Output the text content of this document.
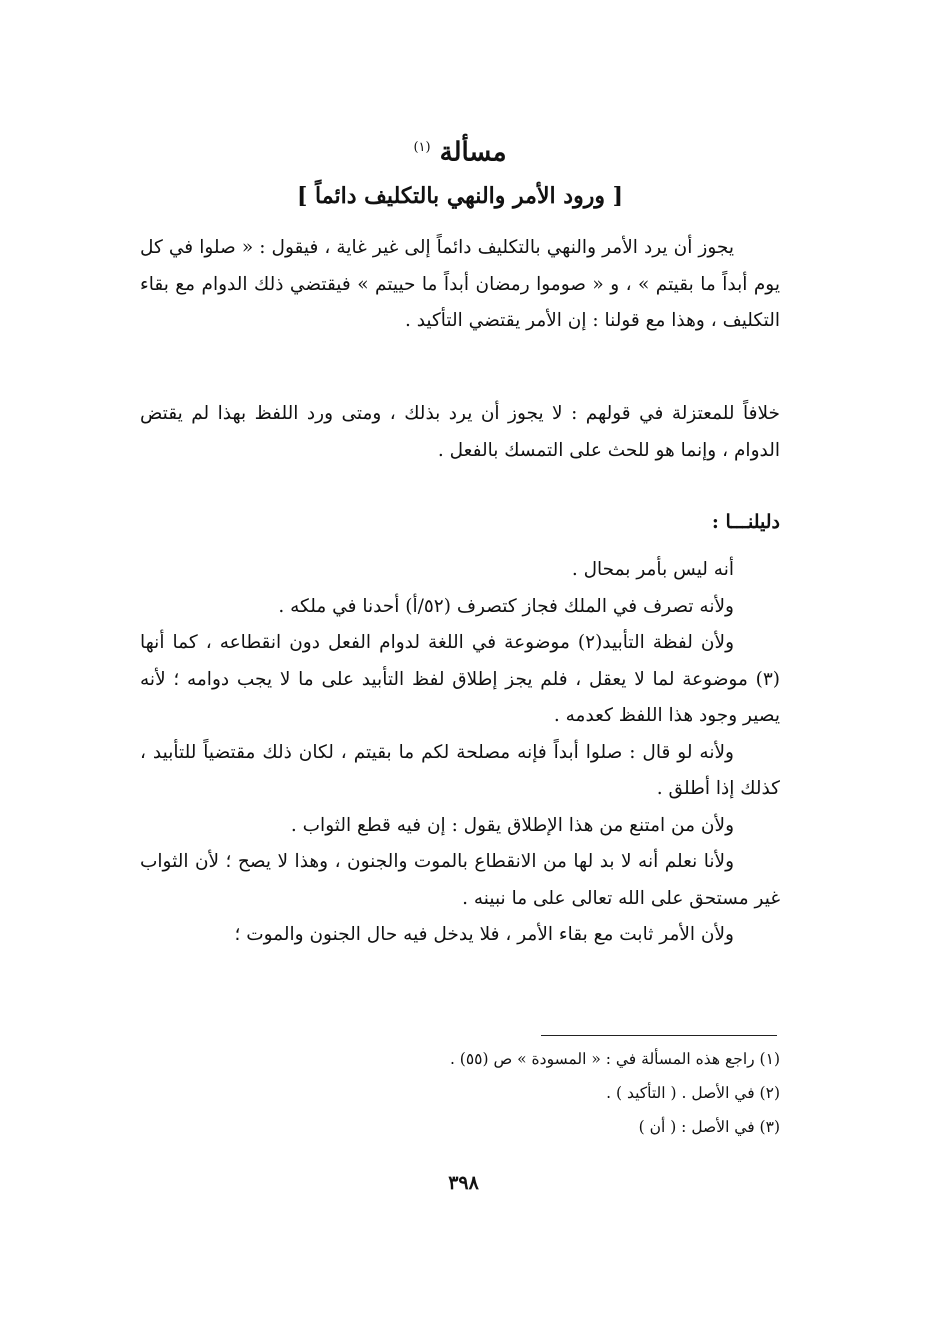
مسألة $^{(١)}$
[ ورود الأمر والنهي بالتكليف دائماً ]

يجوز أن يرد الأمر والنهي بالتكليف دائماً إلى غير غاية ، فيقول : « صلوا في كل يوم أبداً ما بقيتم » ، و « صوموا رمضان أبداً ما حييتم » فيقتضي ذلك الدوام مع بقاء التكليف ، وهذا مع قولنا : إن الأمر يقتضي التأكيد .

خلافاً للمعتزلة في قولهم : لا يجوز أن يرد بذلك ، ومتى ورد اللفظ بهذا لم يقتض الدوام ، وإنما هو للحث على التمسك بالفعل .

دليلنـــا :

أنه ليس بأمر بمحال .

ولأنه تصرف في الملك فجاز كتصرف (٥٢/أ) أحدنا في ملكه .

ولأن لفظة التأبيد(٢) موضوعة في اللغة لدوام الفعل دون انقطاعه ، كما أنها (٣) موضوعة لما لا يعقل ، فلم يجز إطلاق لفظ التأبيد على ما لا يجب دوامه ؛ لأنه يصير وجود هذا اللفظ كعدمه .

ولأنه لو قال : صلوا أبداً فإنه مصلحة لكم ما بقيتم ، لكان ذلك مقتضياً للتأبيد ، كذلك إذا أطلق .

ولأن من امتنع من هذا الإطلاق يقول : إن فيه قطع الثواب .

ولأنا نعلم أنه لا بد لها من الانقطاع بالموت والجنون ، وهذا لا يصح ؛ لأن الثواب غير مستحق على الله تعالى على ما نبينه .

ولأن الأمر ثابت مع بقاء الأمر ، فلا يدخل فيه حال الجنون والموت ؛

(١) راجع هذه المسألة في : « المسودة » ص (٥٥) .
(٢) في الأصل . ( التأكيد ) .
(٣) في الأصل : ( أن )
٣٩٨
